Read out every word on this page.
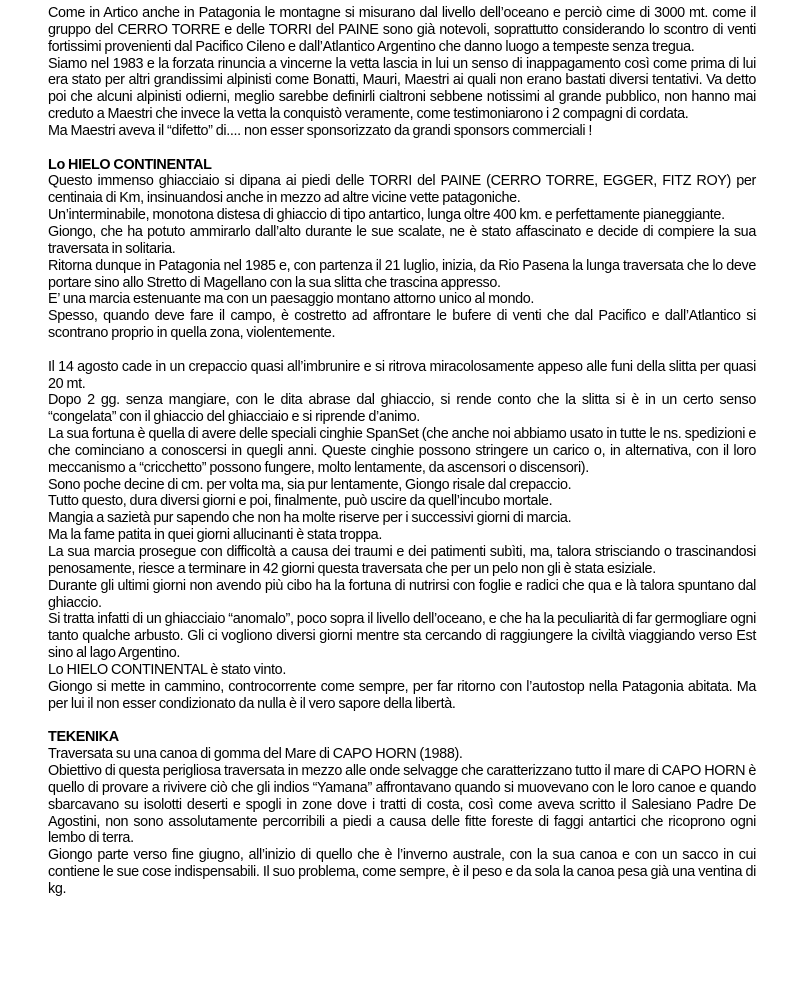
Come in Artico anche in Patagonia le montagne si misurano dal livello dell’oceano e perciò cime di 3000 mt. come il gruppo del CERRO TORRE e delle TORRI del PAINE sono già notevoli, soprattutto considerando lo scontro di venti fortissimi provenienti dal Pacifico Cileno e dall’Atlantico Argentino che danno luogo a tempeste senza tregua.

Siamo nel 1983 e la forzata rinuncia a vincerne la vetta lascia in lui un senso di inappagamento così come prima di lui era stato per altri grandissimi alpinisti come Bonatti, Mauri, Maestri ai quali non erano bastati diversi tentativi. Va detto poi che alcuni alpinisti odierni, meglio sarebbe definirli cialtroni sebbene notissimi al grande pubblico, non hanno mai creduto a Maestri che invece la vetta la conquistò veramente, come testimoniarono i 2 compagni di cordata.

Ma Maestri aveva il “difetto” di.... non esser sponsorizzato da grandi sponsors commerciali !

Lo HIELO CONTINENTAL

Questo immenso ghiacciaio si dipana ai piedi delle TORRI del PAINE (CERRO TORRE, EGGER, FITZ ROY) per centinaia di Km, insinuandosi anche in mezzo ad altre vicine vette patagoniche.

Un’interminabile, monotona distesa di ghiaccio di tipo antartico, lunga oltre 400 km. e perfettamente pianeggiante.

Giongo, che ha potuto ammirarlo dall’alto durante le sue scalate, ne è stato affascinato e decide di compiere la sua traversata in solitaria.

Ritorna dunque in Patagonia nel 1985 e, con partenza il 21 luglio, inizia, da Rio Pasena la lunga traversata che lo deve portare sino allo Stretto di Magellano con la sua slitta che trascina appresso.

E’ una marcia estenuante ma con un paesaggio montano attorno unico al mondo.

Spesso, quando deve fare il campo, è costretto ad affrontare le bufere di venti che dal Pacifico e dall’Atlantico si scontrano proprio in quella zona, violentemente.

Il 14 agosto cade in un crepaccio quasi all’imbrunire e si ritrova miracolosamente appeso alle funi della slitta per quasi 20 mt.

Dopo 2 gg. senza mangiare, con le dita abrase dal ghiaccio, si rende conto che la slitta si è in un certo senso “congelata” con il ghiaccio del ghiacciaio e si riprende d’animo.

La sua fortuna è quella di avere delle speciali cinghie SpanSet (che anche noi abbiamo usato in tutte le ns. spedizioni e che cominciano a conoscersi in quegli anni. Queste cinghie possono stringere un carico o, in alternativa, con il loro meccanismo a “cricchetto” possono fungere, molto lentamente, da ascensori o discensori).

Sono poche decine di cm. per volta ma, sia pur lentamente, Giongo risale dal crepaccio.

Tutto questo, dura diversi giorni e poi, finalmente, può uscire da quell’incubo mortale.

Mangia a sazietà pur sapendo che non ha molte riserve per i successivi giorni di marcia.

Ma la fame patita in quei giorni allucinanti è stata troppa.

La sua marcia prosegue con difficoltà a causa dei traumi e dei patimenti subìti, ma, talora strisciando o trascinandosi penosamente, riesce a terminare in 42 giorni questa traversata che per un pelo non gli è stata esiziale.

Durante gli ultimi giorni non avendo più cibo ha la fortuna di nutrirsi con foglie e radici che qua e là talora spuntano dal ghiaccio.

Si tratta infatti di un ghiacciaio “anomalo”, poco sopra il livello dell’oceano, e che ha la peculiarità di far germogliare ogni tanto qualche arbusto. Gli ci vogliono diversi giorni mentre sta cercando di raggiungere la civiltà viaggiando verso Est sino al lago Argentino.

Lo HIELO CONTINENTAL è stato vinto.

Giongo si mette in cammino, controcorrente come sempre, per far ritorno con l’autostop nella Patagonia abitata. Ma per lui il non esser condizionato da nulla è il vero sapore della libertà.

TEKENIKA

Traversata su una canoa di gomma del Mare di CAPO HORN (1988).

Obiettivo di questa perigliosa traversata in mezzo alle onde selvagge che caratterizzano tutto il mare di CAPO HORN è quello di provare a rivivere ciò che gli indios “Yamana” affrontavano quando si muovevano con le loro canoe e quando sbarcavano su isolotti deserti e spogli in zone dove i tratti di costa, così come aveva scritto il Salesiano Padre De Agostini, non sono assolutamente percorribili a piedi a causa delle fitte foreste di faggi antartici che ricoprono ogni lembo di terra.

Giongo parte verso fine giugno, all’inizio di quello che è l’inverno australe, con la sua canoa e con un sacco in cui contiene le sue cose indispensabili. Il suo problema, come sempre, è il peso e da sola la canoa pesa già una ventina di kg.
